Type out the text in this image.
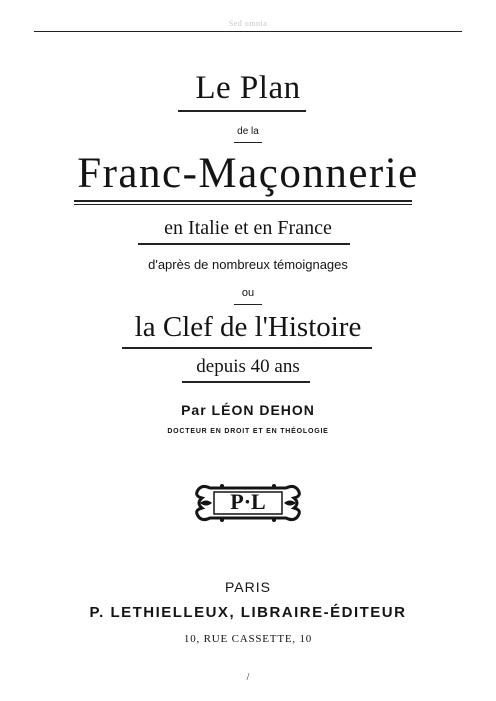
Sed omnia
Le Plan
de la
Franc-Maçonnerie
en Italie et en France
d'après de nombreux témoignages
ou
la Clef de l'Histoire
depuis 40 ans
Par LÉON DEHON
DOCTEUR EN DROIT ET EN THÉOLOGIE
P·L
PARIS
P. LETHIELLEUX, LIBRAIRE-ÉDITEUR
10, RUE CASSETTE, 10
/
